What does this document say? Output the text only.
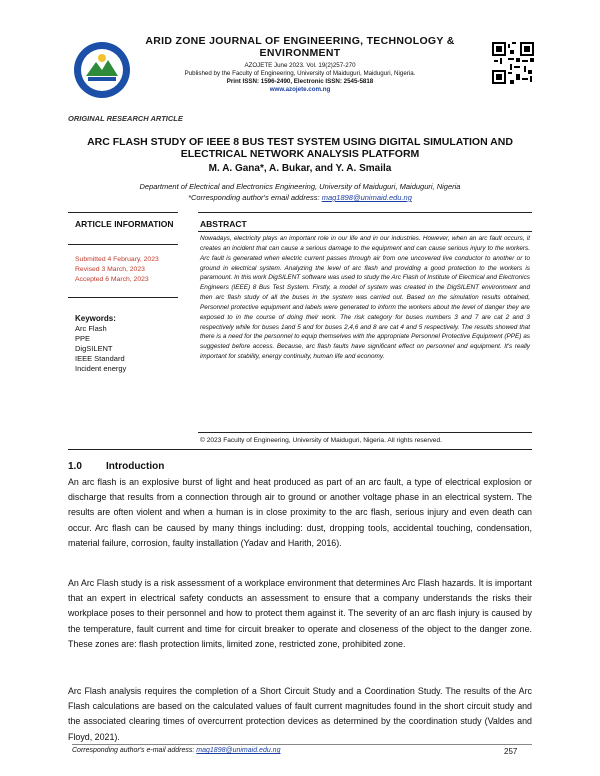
ARID ZONE JOURNAL OF ENGINEERING, TECHNOLOGY & ENVIRONMENT
AZOJETE June 2023. Vol. 19(2)257-270
Published by the Faculty of Engineering, University of Maiduguri, Maiduguri, Nigeria.
Print ISSN: 1596-2490, Electronic ISSN: 2545-5818
www.azojete.com.ng
ORIGINAL RESEARCH ARTICLE
ARC FLASH STUDY OF IEEE 8 BUS TEST SYSTEM USING DIGITAL SIMULATION AND ELECTRICAL NETWORK ANALYSIS PLATFORM
M. A. Gana*, A. Bukar, and Y. A. Smaila
Department of Electrical and Electronics Engineering, University of Maiduguri, Maiduguri, Nigeria
*Corresponding author's email address: mag1898@unimaid.edu.ng
ARTICLE INFORMATION
Submitted 4 February, 2023
Revised 3 March, 2023
Accepted 6 March, 2023
Keywords:
Arc Flash
PPE
DigSILENT
IEEE Standard
Incident energy
ABSTRACT
Nowadays, electricity plays an important role in our life and in our industries. However, when an arc fault occurs, it creates an incident that can cause a serious damage to the equipment and can cause serious injury to the workers. Arc fault is generated when electric current passes through air from one uncovered live conductor to another or to ground in electrical system. Analyzing the level of arc flash and providing a good protection to the workers is paramount. In this work DigSILENT software was used to study the Arc Flash of Institute of Electrical and Electronics Engineers (IEEE) 8 Bus Test System. Firstly, a model of system was created in the DigSILENT environment and then arc flash study of all the buses in the system was carried out. Based on the simulation results obtained, Personnel protective equipment and labels were generated to inform the workers about the level of danger they are exposed to in the course of doing their work. The risk category for buses numbers 3 and 7 are cat 2 and 3 respectively while for buses 1and 5 and for buses 2,4,6 and 8 are cat 4 and 5 respectively. The results showed that there is a need for the personnel to equip themselves with the appropriate Personnel Protective Equipment (PPE) as suggested before access. Because, arc flash faults have significant effect on personnel and equipment. It's really important for stability, energy continuity, human life and economy.
© 2023 Faculty of Engineering, University of Maiduguri, Nigeria. All rights reserved.
1.0 Introduction
An arc flash is an explosive burst of light and heat produced as part of an arc fault, a type of electrical explosion or discharge that results from a connection through air to ground or another voltage phase in an electrical system. The results are often violent and when a human is in close proximity to the arc flash, serious injury and even death can occur. Arc flash can be caused by many things including: dust, dropping tools, accidental touching, condensation, material failure, corrosion, faulty installation (Yadav and Harith, 2016).
An Arc Flash study is a risk assessment of a workplace environment that determines Arc Flash hazards. It is important that an expert in electrical safety conducts an assessment to ensure that a company understands the risks their workplace poses to their personnel and how to protect them against it. The severity of an arc flash injury is caused by the temperature, fault current and time for circuit breaker to operate and closeness of the object to the danger zone. These zones are: flash protection limits, limited zone, restricted zone, prohibited zone.
Arc Flash analysis requires the completion of a Short Circuit Study and a Coordination Study. The results of the Arc Flash calculations are based on the calculated values of fault current magnitudes found in the short circuit study and the associated clearing times of overcurrent protection devices as determined by the coordination study (Valdes and Floyd, 2021).
Corresponding author's e-mail address: mag1898@unimaid.edu.ng	257
